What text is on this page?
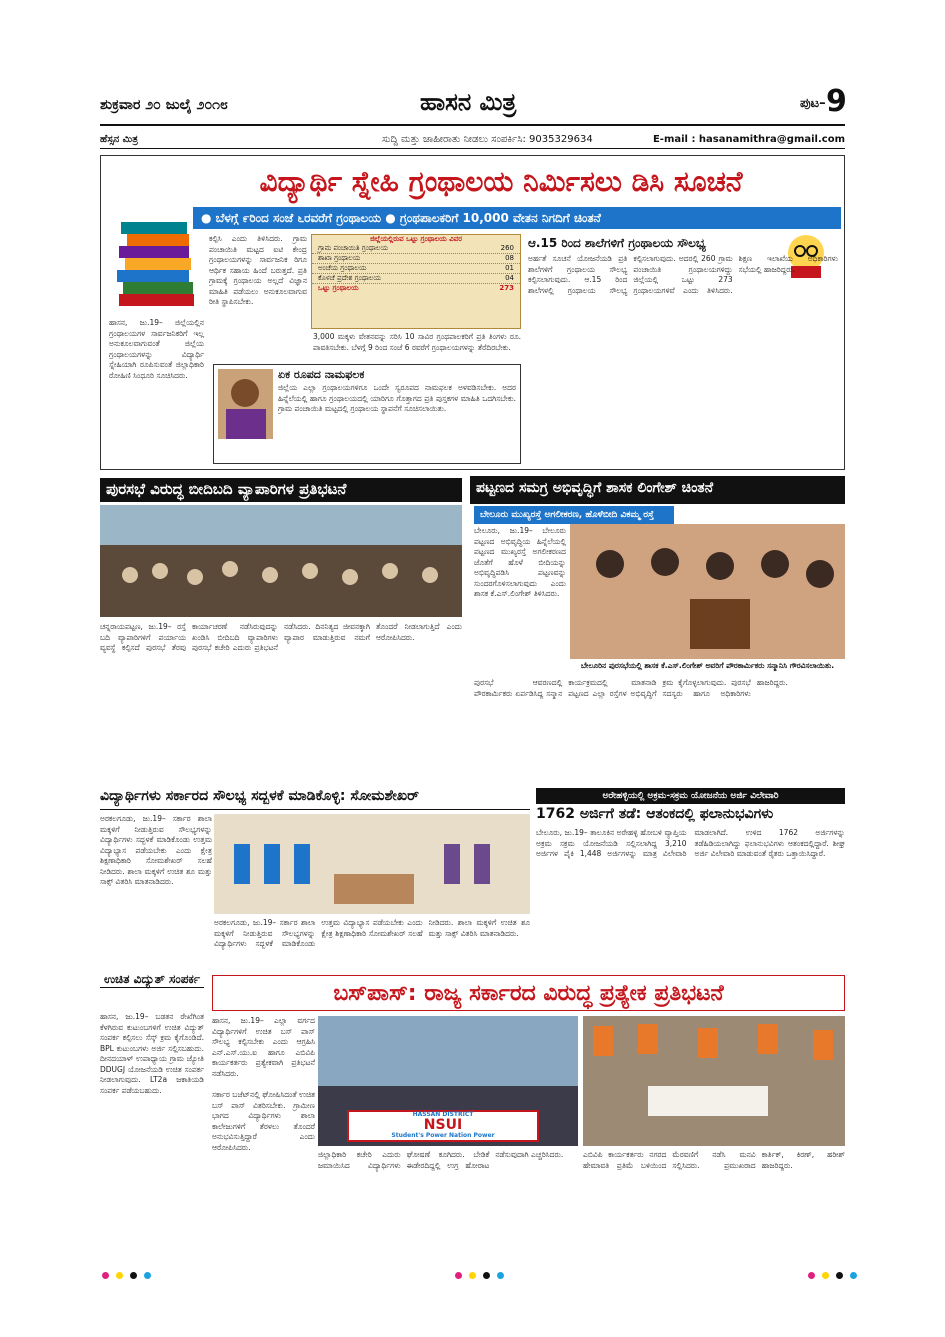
ಶುಕ್ರವಾರ ೨೦ ಜುಲೈ ೨೦೧೮	ಹಾಸನ ಮಿತ್ರ	ಪುಟ– 9
ಹೆಸ್ಸನ ಮಿತ್ರ	ಸುದ್ದಿ ಮತ್ತು ಜಾಹೀರಾತು ನೀಡಲು ಸಂಪರ್ಕಿಸಿ: 9035329634	E-mail : hasanamithra@gmail.com
ವಿದ್ಯಾರ್ಥಿ ಸ್ನೇಹಿ ಗ್ರಂಥಾಲಯ ನಿರ್ಮಿಸಲು ಡಿಸಿ ಸೂಚನೆ
● ಬೆಳಗ್ಗೆ ೯ರಿಂದ ಸಂಜೆ ೬ರವರೆಗೆ ಗ್ರಂಥಾಲಯ ● ಗ್ರಂಥಪಾಲಕರಿಗೆ 10,000 ವೇತನ ನಿಗದಿಗೆ ಚಿಂತನೆ
ಹಾಸನ, ಜು.19– ಜಿಲ್ಲೆಯಲ್ಲಿನ ಗ್ರಂಥಾಲಯಗಳ ಸಾರ್ವಜನಿಕರಿಗೆ ಇಲ್ಲ ಅನುಕೂಲವಾಗುವಂತೆ ಜಿಲ್ಲೆಯ ಗ್ರಂಥಾಲಯಗಳನ್ನು ವಿದ್ಯಾರ್ಥಿ ಸ್ನೇಹಿಯಾಗಿ ರೂಪಿಸುವಂತೆ ಜಿಲ್ಲಾಧಿಕಾರಿ ರೋಹಿಣಿ ಸಿಂಧೂರಿ ಸೂಚಿಸಿದರು.
ಕಲ್ಪಿಸಿ ಎಂದು ತಿಳಿಸಿದರು. ಗ್ರಾಮ ಪಂಚಾಯಿತಿ ಮಟ್ಟದ ಐಟಿ ಕೇಂದ್ರ ಗ್ರಂಥಾಲಯಗಳನ್ನು ಸಾರ್ವಜನಿಕ ರಿಗೂ ಆರ್ಥಿಕ ಸಹಾಯ ಹಿಂದೆ ಬರುತ್ತದೆ. ಪ್ರತಿ ಗ್ರಾಮಕ್ಕೆ ಗ್ರಂಥಾಲಯ ಅಲ್ಲದೆ ವಿಜ್ಞಾನ ಮಾಹಿತಿ ಪಡೆಯಲು ಅನುಕೂಲವಾಗುವ ರೀತಿ ಸ್ಥಾಪಿಸಬೇಕು.
ಜಿಲ್ಲೆಯಲ್ಲಿರುವ ಒಟ್ಟು ಗ್ರಂಥಾಲಯ ವಿವರ
ಗ್ರಾಮ ಪಂಚಾಯಿತಿ ಗ್ರಂಥಾಲಯ	260
ಶಾಖಾ ಗ್ರಂಥಾಲಯ	08
ಅಂಚೆಯ ಗ್ರಂಥಾಲಯ	01
ಕೊಳಚೆ ಪ್ರದೇಶ ಗ್ರಂಥಾಲಯ	04
ಒಟ್ಟು ಗ್ರಂಥಾಲಯ	273
3,000 ಮಕ್ಕಳು ವೇತನವನ್ನು ಸರಿಸಿ 10 ಸಾವಿರ ಗ್ರಂಥಪಾಲಕರಿಗೆ ಪ್ರತಿ ತಿಂಗಳು ರೂ. ಪಾವತಿಸಬೇಕು. ಬೆಳಗ್ಗೆ 9 ರಿಂದ ಸಂಜೆ 6 ರವರೆಗೆ ಗ್ರಂಥಾಲಯಗಳನ್ನು ತೆರೆದಿರಬೇಕು.
ಏಕ ರೂಪದ ನಾಮಫಲಕ
ಜಿಲ್ಲೆಯ ಎಲ್ಲಾ ಗ್ರಂಥಾಲಯಗಳಿಗೂ ಒಂದೇ ಸ್ವರೂಪದ ನಾಮಫಲಕ ಅಳವಡಿಸಬೇಕು. ಅದರ ಹಿನ್ನೆಲೆಯಲ್ಲಿ ಹಾಗೂ ಗ್ರಂಥಾಲಯದಲ್ಲಿ ಯಾರಿಗೂ ಗೊತ್ತಾಗದ ಪ್ರತಿ ಪುಸ್ತಕಗಳ ಮಾಹಿತಿ ಒದಗಿಸಬೇಕು. ಗ್ರಾಮ ಪಂಚಾಯಿತಿ ಮಟ್ಟದಲ್ಲಿ ಗ್ರಂಥಾಲಯ ಸ್ಥಾಪನೆಗೆ ಸೂಚಿಸಲಾಯಿತು.
ಆ.15 ರಿಂದ ಶಾಲೆಗಳಿಗೆ ಗ್ರಂಥಾಲಯ ಸೌಲಭ್ಯ
ಅರ್ಹತೆ ಸೂಚನೆ ಯೋಜನೆಯಡಿ ಪ್ರತಿ ಶಾಲೆಗಳಿಗೆ ಗ್ರಂಥಾಲಯ ಸೌಲಭ್ಯ ಕಲ್ಪಿಸಲಾಗುವುದು. ಆ.15 ರಿಂದ ಶಾಲೆಗಳಲ್ಲಿ ಗ್ರಂಥಾಲಯ ಸೌಲಭ್ಯ ಕಲ್ಪಿಸಲಾಗುವುದು. ಅದರಲ್ಲಿ 260 ಗ್ರಾಮ ಪಂಚಾಯಿತಿ ಗ್ರಂಥಾಲಯಗಳಿದ್ದು ಜಿಲ್ಲೆಯಲ್ಲಿ ಒಟ್ಟು 273 ಗ್ರಂಥಾಲಯಗಳಿವೆ ಎಂದು ತಿಳಿಸಿದರು. ಶಿಕ್ಷಣ ಇಲಾಖೆಯ ಅಧಿಕಾರಿಗಳು ಸಭೆಯಲ್ಲಿ ಹಾಜರಿದ್ದರು.
ಪುರಸಭೆ ವಿರುದ್ಧ ಬೀದಿಬದಿ ವ್ಯಾಪಾರಿಗಳ ಪ್ರತಿಭಟನೆ
ಚನ್ನರಾಯಪಟ್ಟಣ, ಜು.19– ರಸ್ತೆ ಬದಿ ವ್ಯಾಪಾರಿಗಳಿಗೆ ಪರ್ಯಾಯ ವ್ಯವಸ್ಥೆ ಕಲ್ಪಿಸದೆ ಪುರಸಭೆ ತೆರವು ಕಾರ್ಯಾಚರಣೆ ನಡೆಸಿರುವುದನ್ನು ಖಂಡಿಸಿ ಬೀದಿಬದಿ ವ್ಯಾಪಾರಿಗಳು ಪುರಸಭೆ ಕಚೇರಿ ಎದುರು ಪ್ರತಿಭಟನೆ ನಡೆಸಿದರು. ದಿನನಿತ್ಯದ ಜೀವನಕ್ಕಾಗಿ ವ್ಯಾಪಾರ ಮಾಡುತ್ತಿರುವ ನಮಗೆ ತೊಂದರೆ ನೀಡಲಾಗುತ್ತಿದೆ ಎಂದು ಆರೋಪಿಸಿದರು.
ಪಟ್ಟಣದ ಸಮಗ್ರ ಅಭಿವೃದ್ಧಿಗೆ ಶಾಸಕ ಲಿಂಗೇಶ್ ಚಿಂತನೆ
ಬೇಲೂರು ಮುಖ್ಯರಸ್ತೆ ಅಗಲೀಕರಣ, ಹೊಳೆಬೀದಿ ವಿಕಮ್ಮ ರಸ್ತೆ
ಬೇಲೂರು, ಜು.19– ಬೇಲೂರು ಪಟ್ಟಣದ ಅಭಿವೃದ್ಧಿಯ ಹಿನ್ನೆಲೆಯಲ್ಲಿ ಪಟ್ಟಣದ ಮುಖ್ಯರಸ್ತೆ ಅಗಲೀಕರಣದ ಜೊತೆಗೆ ಹೊಳೆ ಬೀದಿಯನ್ನು ಅಭಿವೃದ್ಧಿಪಡಿಸಿ ಪಟ್ಟಣವನ್ನು ಸುಂದರಗೊಳಿಸಲಾಗುವುದು ಎಂದು ಶಾಸಕ ಕೆ.ಎಸ್.ಲಿಂಗೇಶ್ ತಿಳಿಸಿದರು.
ಬೇಲೂರಿನ ಪುರಸಭೆಯಲ್ಲಿ ಶಾಸಕ ಕೆ.ಎಸ್.ಲಿಂಗೇಶ್ ಅವರಿಗೆ ಪೌರಕಾರ್ಮಿಕರು ಸನ್ಮಾನಿಸಿ ಗೌರವಿಸಲಾಯಿತು.
ಪುರಸಭೆ ಆವರಣದಲ್ಲಿ ಪೌರಕಾರ್ಮಿಕರು ಏರ್ಪಡಿಸಿದ್ದ ಸನ್ಮಾನ ಕಾರ್ಯಕ್ರಮದಲ್ಲಿ ಮಾತನಾಡಿ ಪಟ್ಟಣದ ಎಲ್ಲಾ ರಸ್ತೆಗಳ ಅಭಿವೃದ್ಧಿಗೆ ಕ್ರಮ ಕೈಗೊಳ್ಳಲಾಗುವುದು. ಪುರಸಭೆ ಸದಸ್ಯರು ಹಾಗೂ ಅಧಿಕಾರಿಗಳು ಹಾಜರಿದ್ದರು.
ವಿದ್ಯಾರ್ಥಿಗಳು ಸರ್ಕಾರದ ಸೌಲಭ್ಯ ಸದ್ಬಳಕೆ ಮಾಡಿಕೊಳ್ಳಿ: ಸೋಮಶೇಖರ್
ಅರಕಲಗೂಡು, ಜು.19– ಸರ್ಕಾರ ಶಾಲಾ ಮಕ್ಕಳಿಗೆ ನೀಡುತ್ತಿರುವ ಸೌಲಭ್ಯಗಳನ್ನು ವಿದ್ಯಾರ್ಥಿಗಳು ಸದ್ಬಳಕೆ ಮಾಡಿಕೊಂಡು ಉತ್ತಮ ವಿದ್ಯಾಭ್ಯಾಸ ಪಡೆಯಬೇಕು ಎಂದು ಕ್ಷೇತ್ರ ಶಿಕ್ಷಣಾಧಿಕಾರಿ ಸೋಮಶೇಖರ್ ಸಲಹೆ ನೀಡಿದರು. ಶಾಲಾ ಮಕ್ಕಳಿಗೆ ಉಚಿತ ಶೂ ಮತ್ತು ಸಾಕ್ಸ್ ವಿತರಿಸಿ ಮಾತನಾಡಿದರು.
ಅರಕಲಗೂಡು, ಜು.19– ಸರ್ಕಾರ ಶಾಲಾ ಮಕ್ಕಳಿಗೆ ನೀಡುತ್ತಿರುವ ಸೌಲಭ್ಯಗಳನ್ನು ವಿದ್ಯಾರ್ಥಿಗಳು ಸದ್ಬಳಕೆ ಮಾಡಿಕೊಂಡು ಉತ್ತಮ ವಿದ್ಯಾಭ್ಯಾಸ ಪಡೆಯಬೇಕು ಎಂದು ಕ್ಷೇತ್ರ ಶಿಕ್ಷಣಾಧಿಕಾರಿ ಸೋಮಶೇಖರ್ ಸಲಹೆ ನೀಡಿದರು. ಶಾಲಾ ಮಕ್ಕಳಿಗೆ ಉಚಿತ ಶೂ ಮತ್ತು ಸಾಕ್ಸ್ ವಿತರಿಸಿ ಮಾತನಾಡಿದರು.
ಅರೇಹಳ್ಳಿಯಲ್ಲಿ ಅಕ್ರಮ-ಸಕ್ರಮ ಯೋಜನೆಯ ಅರ್ಜಿ ವಿಲೇವಾರಿ
1762 ಅರ್ಜಿಗೆ ತಡೆ: ಆತಂಕದಲ್ಲಿ ಫಲಾನುಭವಿಗಳು
ಬೇಲೂರು, ಜು.19– ತಾಲೂಕಿನ ಅರೇಹಳ್ಳಿ ಹೋಬಳಿ ವ್ಯಾಪ್ತಿಯ ಅಕ್ರಮ ಸಕ್ರಮ ಯೋಜನೆಯಡಿ ಸಲ್ಲಿಸಲಾಗಿದ್ದ 3,210 ಅರ್ಜಿಗಳ ಪೈಕಿ 1,448 ಅರ್ಜಿಗಳನ್ನು ಮಾತ್ರ ವಿಲೇವಾರಿ ಮಾಡಲಾಗಿದೆ. ಉಳಿದ 1762 ಅರ್ಜಿಗಳನ್ನು ತಡೆಹಿಡಿಯಲಾಗಿದ್ದು ಫಲಾನುಭವಿಗಳು ಆತಂಕದಲ್ಲಿದ್ದಾರೆ. ಶೀಘ್ರ ಅರ್ಜಿ ವಿಲೇವಾರಿ ಮಾಡುವಂತೆ ರೈತರು ಒತ್ತಾಯಿಸಿದ್ದಾರೆ.
ಉಚಿತ ವಿದ್ಯುತ್ ಸಂಪರ್ಕ
ಹಾಸನ, ಜು.19– ಬಡತನ ರೇಖೆಗಿಂತ ಕೆಳಗಿರುವ ಕುಟುಂಬಗಳಿಗೆ ಉಚಿತ ವಿದ್ಯುತ್ ಸಂಪರ್ಕ ಕಲ್ಪಿಸಲು ಸೆಸ್ಕ್ ಕ್ರಮ ಕೈಗೊಂಡಿದೆ. BPL ಕುಟುಂಬಗಳು ಅರ್ಜಿ ಸಲ್ಲಿಸಬಹುದು. ದೀನದಯಾಳ್ ಉಪಾಧ್ಯಾಯ ಗ್ರಾಮ ಜ್ಯೋತಿ DDUGJ ಯೋಜನೆಯಡಿ ಉಚಿತ ಸಂಪರ್ಕ ನೀಡಲಾಗುವುದು. LT2a ಜಕಾತಿಯಡಿ ಸಂಪರ್ಕ ಪಡೆಯಬಹುದು.
ಬಸ್‌ಪಾಸ್: ರಾಜ್ಯ ಸರ್ಕಾರದ ವಿರುದ್ಧ ಪ್ರತ್ಯೇಕ ಪ್ರತಿಭಟನೆ
ಹಾಸನ, ಜು.19– ಎಲ್ಲಾ ವರ್ಗದ ವಿದ್ಯಾರ್ಥಿಗಳಿಗೆ ಉಚಿತ ಬಸ್ ಪಾಸ್ ಸೌಲಭ್ಯ ಕಲ್ಪಿಸಬೇಕು ಎಂದು ಆಗ್ರಹಿಸಿ ಎನ್.ಎಸ್.ಯು.ಐ ಹಾಗೂ ಎಬಿವಿಪಿ ಕಾರ್ಯಕರ್ತರು ಪ್ರತ್ಯೇಕವಾಗಿ ಪ್ರತಿಭಟನೆ ನಡೆಸಿದರು.
HASSAN DISTRICT
NSUI
Student's Power Nation Power
ಸರ್ಕಾರ ಬಜೆಟ್‌ನಲ್ಲಿ ಘೋಷಿಸಿದಂತೆ ಉಚಿತ ಬಸ್ ಪಾಸ್ ವಿತರಿಸಬೇಕು. ಗ್ರಾಮೀಣ ಭಾಗದ ವಿದ್ಯಾರ್ಥಿಗಳು ಶಾಲಾ ಕಾಲೇಜುಗಳಿಗೆ ತೆರಳಲು ತೊಂದರೆ ಅನುಭವಿಸುತ್ತಿದ್ದಾರೆ ಎಂದು ಆರೋಪಿಸಿದರು.
ಜಿಲ್ಲಾಧಿಕಾರಿ ಕಚೇರಿ ಎದುರು ಜಮಾಯಿಸಿದ ವಿದ್ಯಾರ್ಥಿಗಳು ಘೋಷಣೆ ಕೂಗಿದರು. ಬೇಡಿಕೆ ಈಡೇರದಿದ್ದಲ್ಲಿ ಉಗ್ರ ಹೋರಾಟ ನಡೆಸುವುದಾಗಿ ಎಚ್ಚರಿಸಿದರು.	ಎಬಿವಿಪಿ ಕಾರ್ಯಕರ್ತರು ನಗರದ ಹೇಮಾವತಿ ಪ್ರತಿಮೆ ಬಳಿಯಿಂದ ಮೆರವಣಿಗೆ ನಡೆಸಿ ಮನವಿ ಸಲ್ಲಿಸಿದರು. ಪ್ರಮುಖರಾದ ಕಾರ್ತಿಕ್, ಕಿರಣ್, ಹರೀಶ್ ಹಾಜರಿದ್ದರು.
